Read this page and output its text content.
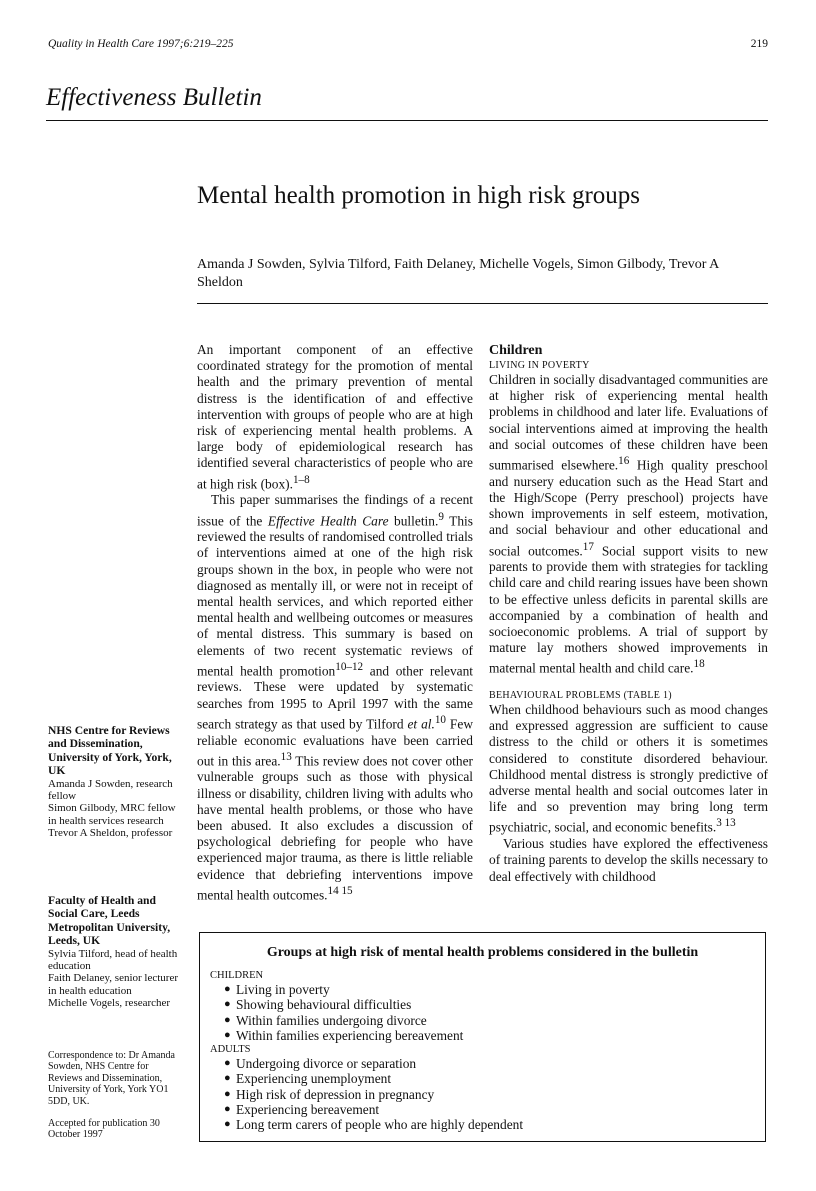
Quality in Health Care 1997;6:219–225	219
Effectiveness Bulletin
Mental health promotion in high risk groups
Amanda J Sowden, Sylvia Tilford, Faith Delaney, Michelle Vogels, Simon Gilbody, Trevor A Sheldon

An important component of an effective coordinated strategy for the promotion of mental health and the primary prevention of mental distress is the identification of and effective intervention with groups of people who are at high risk of experiencing mental health problems. A large body of epidemiological research has identified several characteristics of people who are at high risk (box).$^{1-8}$

This paper summarises the findings of a recent issue of the Effective Health Care bulletin.$^9$ This reviewed the results of randomised controlled trials of interventions aimed at one of the high risk groups shown in the box, in people who were not diagnosed as mentally ill, or were not in receipt of mental health services, and which reported either mental health and wellbeing outcomes or measures of mental distress. This summary is based on elements of two recent systematic reviews of mental health promotion$^{10-12}$ and other relevant reviews. These were updated by systematic searches from 1995 to April 1997 with the same search strategy as that used by Tilford et al.$^{10}$ Few reliable economic evaluations have been carried out in this area.$^{13}$ This review does not cover other vulnerable groups such as those with physical illness or disability, children living with adults who have mental health problems, or those who have been abused. It also excludes a discussion of psychological debriefing for people who have experienced major trauma, as there is little reliable evidence that debriefing interventions impove mental health outcomes.$^{14 15}$

Children
LIVING IN POVERTY

Children in socially disadvantaged communities are at higher risk of experiencing mental health problems in childhood and later life. Evaluations of social interventions aimed at improving the health and social outcomes of these children have been summarised elsewhere.$^{16}$ High quality preschool and nursery education such as the Head Start and the High/Scope (Perry preschool) projects have shown improvements in self esteem, motivation, and social behaviour and other educational and social outcomes.$^{17}$ Social support visits to new parents to provide them with strategies for tackling child care and child rearing issues have been shown to be effective unless deficits in parental skills are accompanied by a combination of health and socioeconomic problems. A trial of support by mature lay mothers showed improvements in maternal mental health and child care.$^{18}$

BEHAVIOURAL PROBLEMS (TABLE 1)

When childhood behaviours such as mood changes and expressed aggression are sufficient to cause distress to the child or others it is sometimes considered to constitute disordered behaviour. Childhood mental distress is strongly predictive of adverse mental health and social outcomes later in life and so prevention may bring long term psychiatric, social, and economic benefits.$^{3 13}$

Various studies have explored the effectiveness of training parents to develop the skills necessary to deal effectively with childhood

NHS Centre for Reviews and Dissemination, University of York, York, UK
Amanda J Sowden, research fellow
Simon Gilbody, MRC fellow in health services research
Trevor A Sheldon, professor
Faculty of Health and Social Care, Leeds Metropolitan University, Leeds, UK
Sylvia Tilford, head of health education
Faith Delaney, senior lecturer in health education
Michelle Vogels, researcher
Correspondence to: Dr Amanda Sowden, NHS Centre for Reviews and Dissemination, University of York, York YO1 5DD, UK.
Accepted for publication 30 October 1997
Groups at high risk of mental health problems considered in the bulletin
CHILDREN
● Living in poverty
● Showing behavioural difficulties
● Within families undergoing divorce
● Within families experiencing bereavement
ADULTS
● Undergoing divorce or separation
● Experiencing unemployment
● High risk of depression in pregnancy
● Experiencing bereavement
● Long term carers of people who are highly dependent
